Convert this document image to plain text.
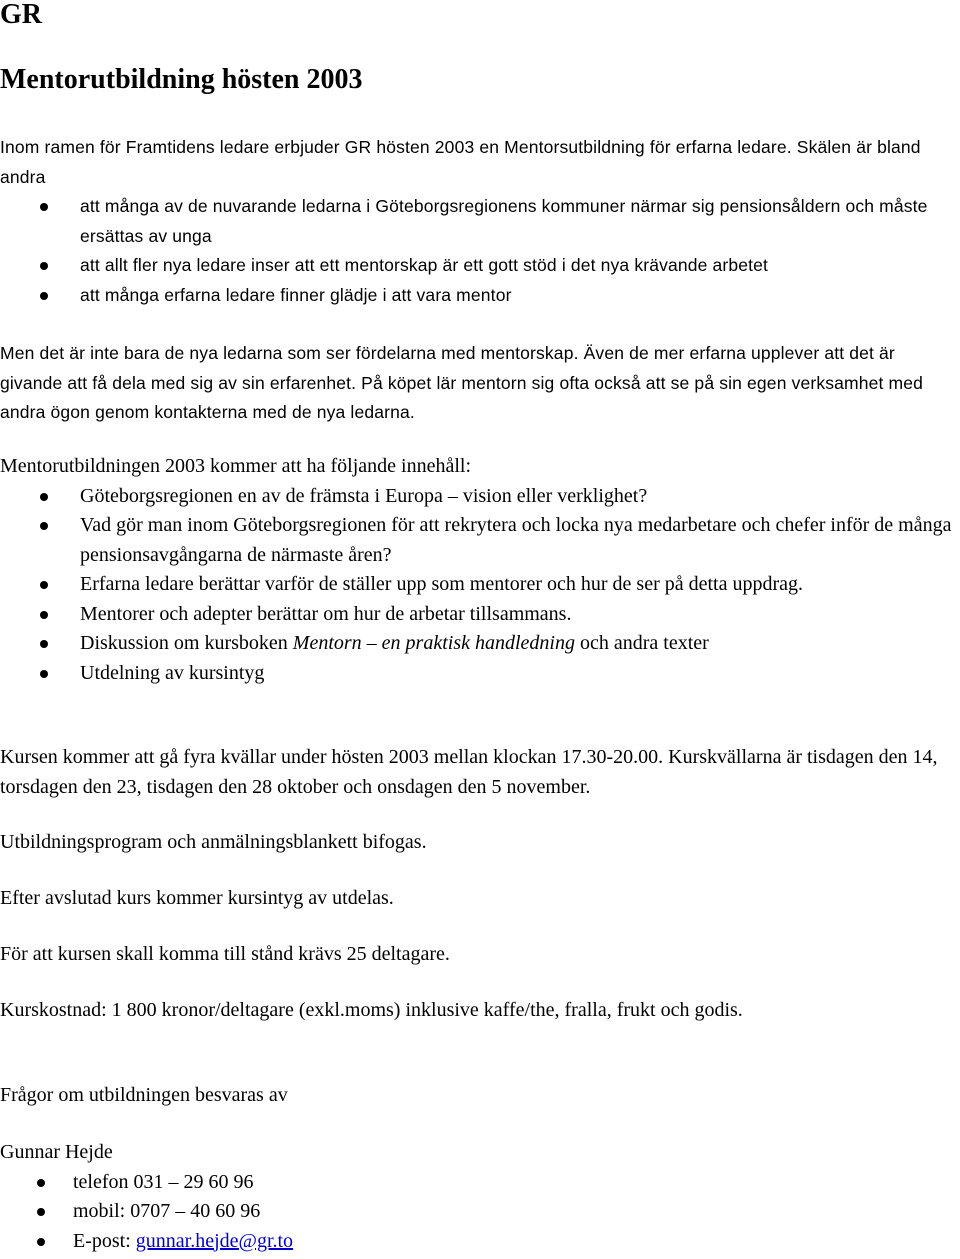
GR
Mentorutbildning hösten 2003

Inom ramen för Framtidens ledare erbjuder GR hösten 2003 en Mentorsutbildning för erfarna ledare. Skälen är bland andra

att många av de nuvarande ledarna i Göteborgsregionens kommuner närmar sig pensionsåldern och måste ersättas av unga
att allt fler nya ledare inser att ett mentorskap är ett gott stöd i det nya krävande arbetet
att många erfarna ledare finner glädje i att vara mentor

Men det är inte bara de nya ledarna som ser fördelarna med mentorskap. Även de mer erfarna upplever att det är givande att få dela med sig av sin erfarenhet. På köpet lär mentorn sig ofta också att se på sin egen verksamhet med andra ögon genom kontakterna med de nya ledarna.

Mentorutbildningen 2003 kommer att ha följande innehåll:

Göteborgsregionen en av de främsta i Europa – vision eller verklighet?
Vad gör man inom Göteborgsregionen för att rekrytera och locka nya medarbetare och chefer inför de många pensionsavgångarna de närmaste åren?
Erfarna ledare berättar varför de ställer upp som mentorer och hur de ser på detta uppdrag.
Mentorer och adepter berättar om hur de arbetar tillsammans.
Diskussion om kursboken Mentorn – en praktisk handledning och andra texter
Utdelning av kursintyg

Kursen kommer att gå fyra kvällar under hösten 2003 mellan klockan 17.30-20.00. Kurskvällarna är tisdagen den 14, torsdagen den 23, tisdagen den 28 oktober och onsdagen den 5 november.

Utbildningsprogram och anmälningsblankett bifogas.

Efter avslutad kurs kommer kursintyg av utdelas.

För att kursen skall komma till stånd krävs 25 deltagare.

Kurskostnad: 1 800 kronor/deltagare (exkl.moms) inklusive kaffe/the, fralla, frukt och godis.

Frågor om utbildningen besvaras av

Gunnar Hejde

telefon 031 – 29 60 96
mobil: 0707 – 40 60 96
E-post: gunnar.hejde@gr.to
